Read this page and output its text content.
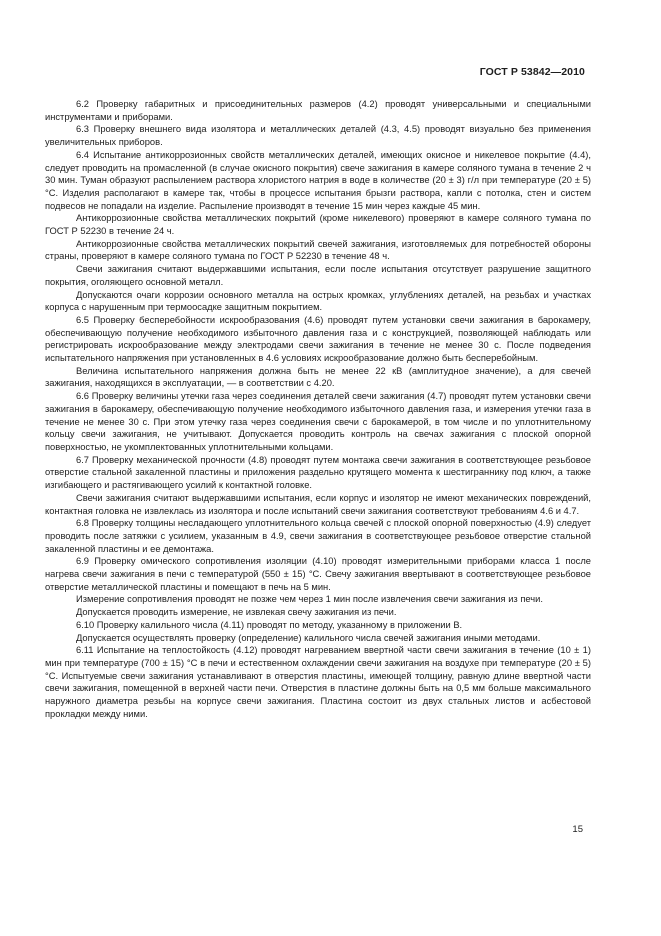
ГОСТ Р 53842—2010

6.2 Проверку габаритных и присоединительных размеров (4.2) проводят универсальными и специальными инструментами и приборами.

6.3 Проверку внешнего вида изолятора и металлических деталей (4.3, 4.5) проводят визуально без применения увеличительных приборов.

6.4 Испытание антикоррозионных свойств металлических деталей, имеющих окисное и никелевое покрытие (4.4), следует проводить на промасленной (в случае окисного покрытия) свече зажигания в камере соляного тумана в течение 2 ч 30 мин. Туман образуют распылением раствора хлористого натрия в воде в количестве (20 ± 3) г/л при температуре (20 ± 5) °С. Изделия располагают в камере так, чтобы в процессе испытания брызги раствора, капли с потолка, стен и систем подвесов не попадали на изделие. Распыление производят в течение 15 мин через каждые 45 мин.

Антикоррозионные свойства металлических покрытий (кроме никелевого) проверяют в камере соляного тумана по ГОСТ Р 52230 в течение 24 ч.

Антикоррозионные свойства металлических покрытий свечей зажигания, изготовляемых для потребностей обороны страны, проверяют в камере соляного тумана по ГОСТ Р 52230 в течение 48 ч.

Свечи зажигания считают выдержавшими испытания, если после испытания отсутствует разрушение защитного покрытия, оголяющего основной металл.

Допускаются очаги коррозии основного металла на острых кромках, углублениях деталей, на резьбах и участках корпуса с нарушенным при термоосадке защитным покрытием.

6.5 Проверку бесперебойности искрообразования (4.6) проводят путем установки свечи зажигания в барокамеру, обеспечивающую получение необходимого избыточного давления газа и с конструкцией, позволяющей наблюдать или регистрировать искрообразование между электродами свечи зажигания в течение не менее 30 с. После подведения испытательного напряжения при установленных в 4.6 условиях искрообразование должно быть бесперебойным.

Величина испытательного напряжения должна быть не менее 22 кВ (амплитудное значение), а для свечей зажигания, находящихся в эксплуатации, — в соответствии с 4.20.

6.6 Проверку величины утечки газа через соединения деталей свечи зажигания (4.7) проводят путем установки свечи зажигания в барокамеру, обеспечивающую получение необходимого избыточного давления газа, и измерения утечки газа в течение не менее 30 с. При этом утечку газа через соединения свечи с барокамерой, в том числе и по уплотнительному кольцу свечи зажигания, не учитывают. Допускается проводить контроль на свечах зажигания с плоской опорной поверхностью, не укомплектованных уплотнительными кольцами.

6.7 Проверку механической прочности (4.8) проводят путем монтажа свечи зажигания в соответствующее резьбовое отверстие стальной закаленной пластины и приложения раздельно крутящего момента к шестиграннику под ключ, а также изгибающего и растягивающего усилий к контактной головке.

Свечи зажигания считают выдержавшими испытания, если корпус и изолятор не имеют механических повреждений, контактная головка не извлеклась из изолятора и после испытаний свечи зажигания соответствуют требованиям 4.6 и 4.7.

6.8 Проверку толщины несладающего уплотнительного кольца свечей с плоской опорной поверхностью (4.9) следует проводить после затяжки с усилием, указанным в 4.9, свечи зажигания в соответствующее резьбовое отверстие стальной закаленной пластины и ее демонтажа.

6.9 Проверку омического сопротивления изоляции (4.10) проводят измерительными приборами класса 1 после нагрева свечи зажигания в печи с температурой (550 ± 15) °С. Свечу зажигания ввертывают в соответствующее резьбовое отверстие металлической пластины и помещают в печь на 5 мин.

Измерение сопротивления проводят не позже чем через 1 мин после извлечения свечи зажигания из печи.

Допускается проводить измерение, не извлекая свечу зажигания из печи.

6.10 Проверку калильного числа (4.11) проводят по методу, указанному в приложении В.

Допускается осуществлять проверку (определение) калильного числа свечей зажигания иными методами.

6.11 Испытание на теплостойкость (4.12) проводят нагреванием ввертной части свечи зажигания в течение (10 ± 1) мин при температуре (700 ± 15) °С в печи и естественном охлаждении свечи зажигания на воздухе при температуре (20 ± 5) °С. Испытуемые свечи зажигания устанавливают в отверстия пластины, имеющей толщину, равную длине ввертной части свечи зажигания, помещенной в верхней части печи. Отверстия в пластине должны быть на 0,5 мм больше максимального наружного диаметра резьбы на корпусе свечи зажигания. Пластина состоит из двух стальных листов и асбестовой прокладки между ними.

15
